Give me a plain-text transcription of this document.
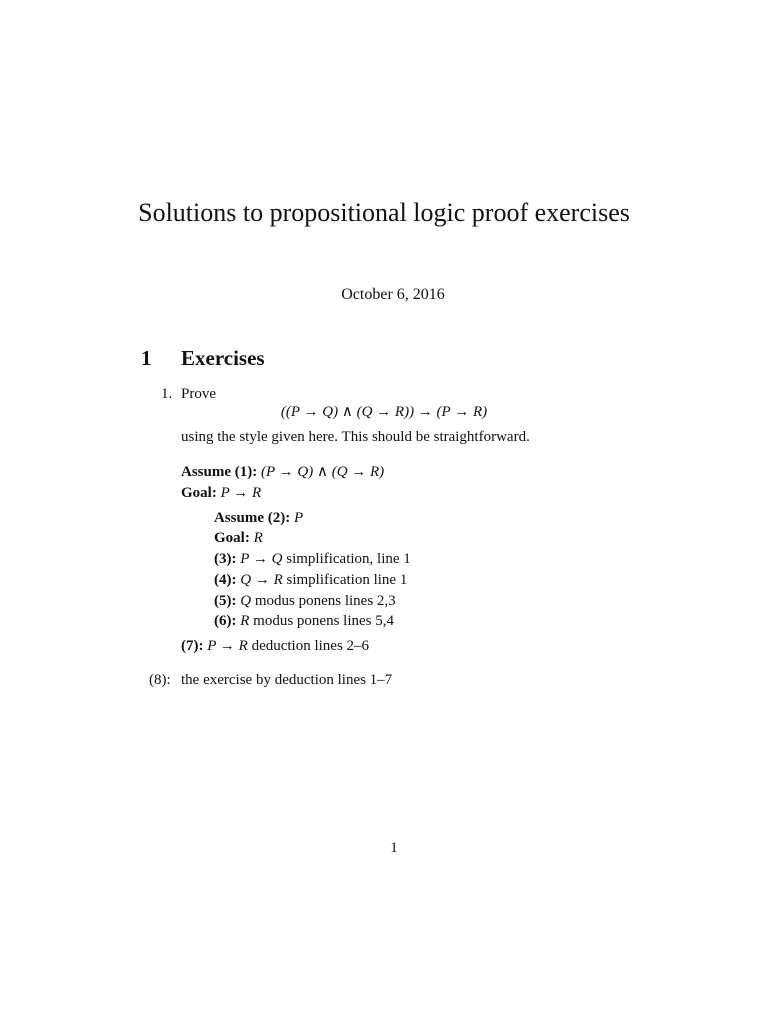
Solutions to propositional logic proof exercises
October 6, 2016
1 Exercises
1. Prove
((P → Q) ∧ (Q → R)) → (P → R)
using the style given here. This should be straightforward.
Assume (1): (P → Q) ∧ (Q → R)
Goal: P → R
Assume (2): P
Goal: R
(3): P → Q simplification, line 1
(4): Q → R simplification line 1
(5): Q modus ponens lines 2,3
(6): R modus ponens lines 5,4
(7): P → R deduction lines 2–6
(8): the exercise by deduction lines 1–7
1
